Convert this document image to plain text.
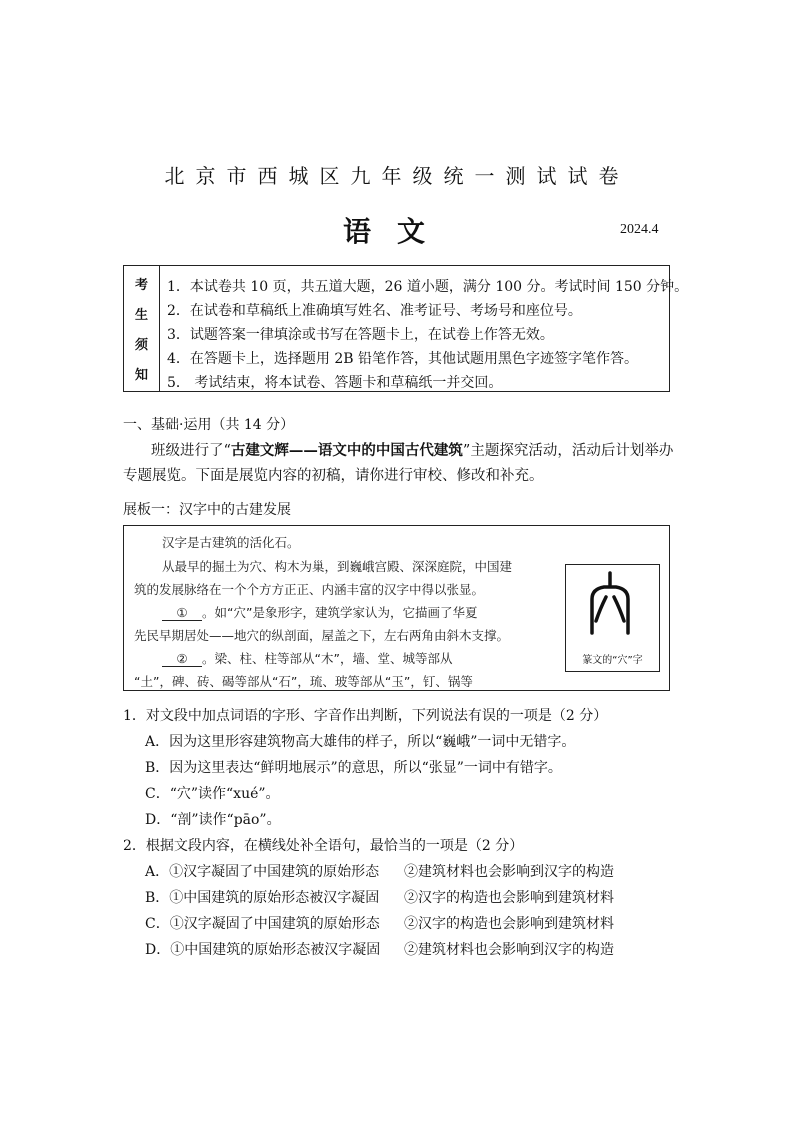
北京市西城区九年级统一测试试卷
语文	2024.4
考
生
须
知
1．本试卷共 10 页，共五道大题，26 道小题，满分 100 分。考试时间 150 分钟。
2．在试卷和草稿纸上准确填写姓名、准考证号、考场号和座位号。
3．试题答案一律填涂或书写在答题卡上，在试卷上作答无效。
4．在答题卡上，选择题用 2B 铅笔作答，其他试题用黑色字迹签字笔作答。
5． 考试结束，将本试卷、答题卡和草稿纸一并交回。
一、基础·运用（共 14 分）
班级进行了“古建文辉——语文中的中国古代建筑”主题探究活动，活动后计划举办
专题展览。下面是展览内容的初稿，请你进行审校、修改和补充。
展板一：汉字中的古建发展
汉字是古建筑的活化石。
从最早的掘土为穴、构木为巢，到巍峨宫殿、深深庭院，中国建
筑的发展脉络在一个个方方正正、内涵丰富的汉字中得以张显。
① 。如“穴”是象形字，建筑学家认为，它描画了华夏
先民早期居处——地穴的纵剖面，屋盖之下，左右两角由斜木支撑。
② 。梁、柱、柱等部从“木”，墙、堂、城等部从
“土”，碑、砖、碣等部从“石”，琉、玻等部从“玉”，钉、锅等
篆文的“穴”字
1．对文段中加点词语的字形、字音作出判断，下列说法有误的一项是（2 分）
A．因为这里形容建筑物高大雄伟的样子，所以“巍峨”一词中无错字。
B．因为这里表达“鲜明地展示”的意思，所以“张显”一词中有错字。
C．“穴”读作“xué”。
D．“剖”读作“pāo”。
2．根据文段内容，在横线处补全语句，最恰当的一项是（2 分）
A．①汉字凝固了中国建筑的原始形态 ②建筑材料也会影响到汉字的构造
B．①中国建筑的原始形态被汉字凝固 ②汉字的构造也会影响到建筑材料
C．①汉字凝固了中国建筑的原始形态 ②汉字的构造也会影响到建筑材料
D．①中国建筑的原始形态被汉字凝固 ②建筑材料也会影响到汉字的构造
